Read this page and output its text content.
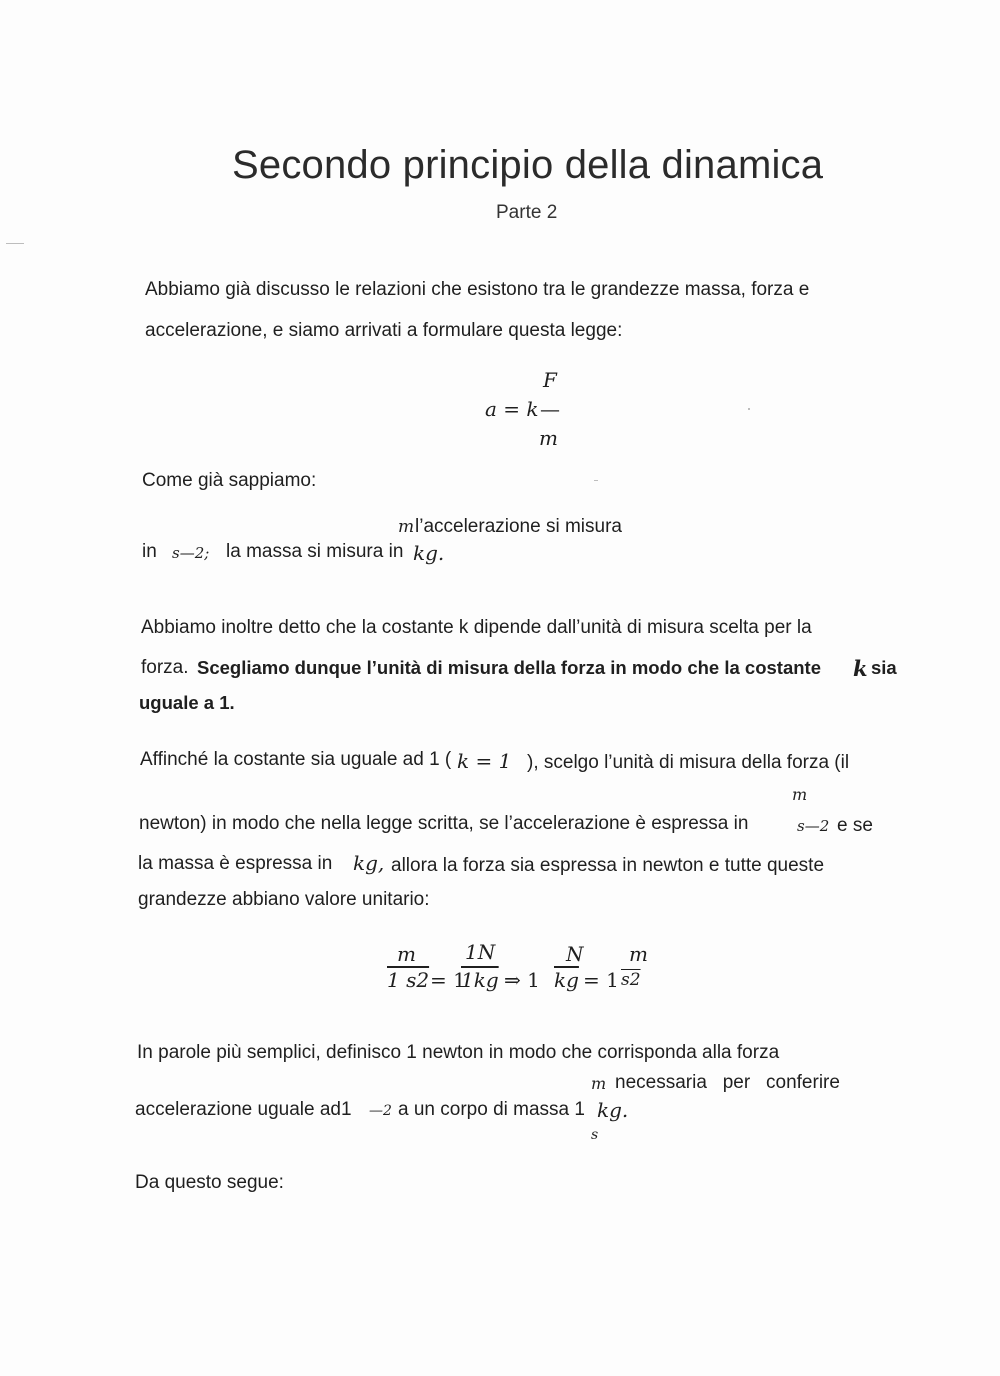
Secondo principio della dinamica
Parte 2
Abbiamo già discusso le relazioni che esistono tra le grandezze massa, forza e
accelerazione, e siamo arrivati a formulare questa legge:
F
a = k —
m
Come già sappiamo:
m l’accelerazione si misura
in s—2; la massa si misura in kg.
Abbiamo inoltre detto che la costante k dipende dall’unità di misura scelta per la
forza. Scegliamo dunque l’unità di misura della forza in modo che la costante k sia
uguale a 1.
Affinché la costante sia uguale ad 1 ( k = 1 ), scelgo l’unità di misura della forza (il
m
newton) in modo che nella legge scritta, se l’accelerazione è espressa in	s—2 e se
la massa è espressa in kg, allora la forza sia espressa in newton e tutte queste
grandezze abbiano valore unitario:
m 1N	N m
1 s2 = 1
1kg ⇒ 1 $\overline{kg} = 1$ s2
In parole più semplici, definisco 1 newton in modo che corrisponda alla forza
m necessaria   per   conferire
accelerazione uguale ad1 —2 a un corpo di massa 1 kg.
s
Da questo segue:
